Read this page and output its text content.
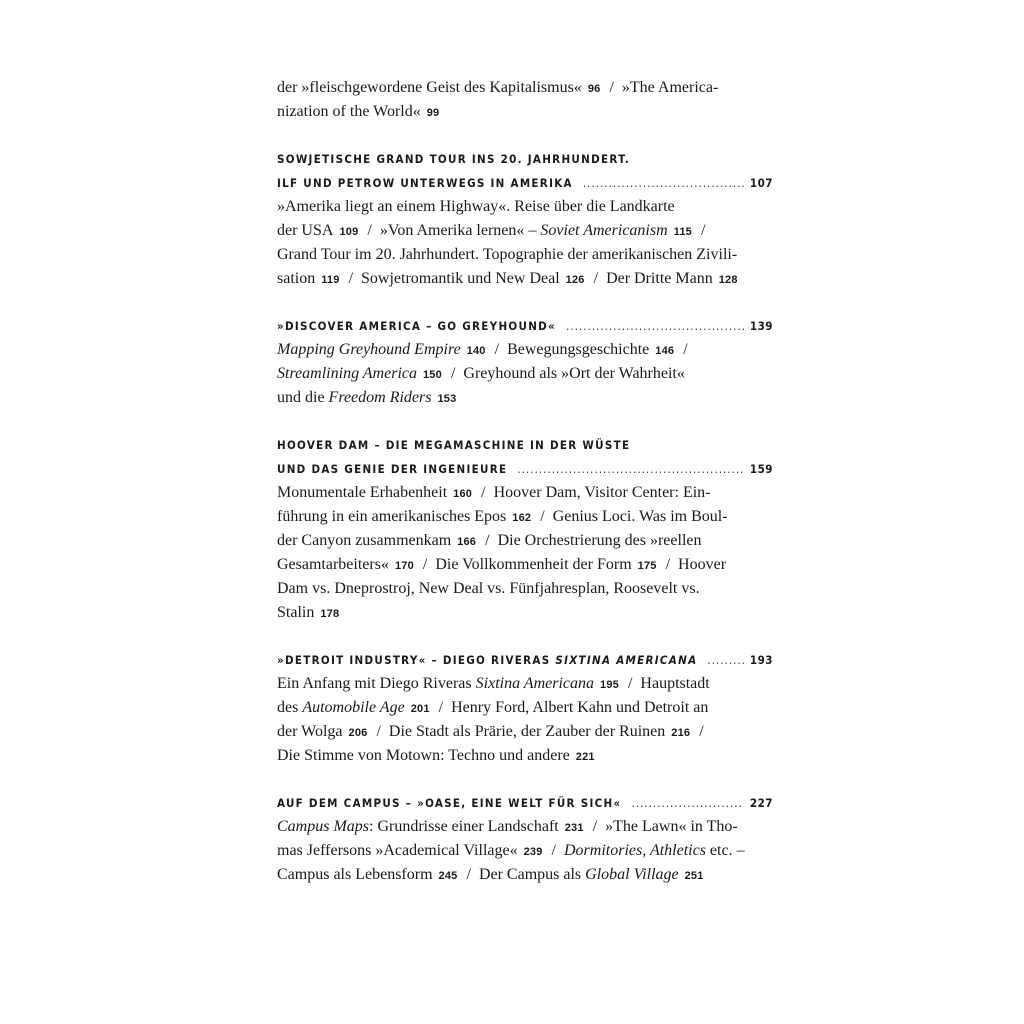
der »fleischgewordene Geist des Kapitalismus« 96 / »The America-
nization of the World« 99
SOWJETISCHE GRAND TOUR INS 20. JAHRHUNDERT.
ILF UND PETROW UNTERWEGS IN AMERIKA .....	107
»Amerika liegt an einem Highway«. Reise über die Landkarte
der USA 109 / »Von Amerika lernen« – Soviet Americanism 115 /
Grand Tour im 20. Jahrhundert. Topographie der amerikanischen Zivili-
sation 119 / Sowjetromantik und New Deal 126 / Der Dritte Mann 128
»DISCOVER AMERICA – GO GREYHOUND« .....	139
Mapping Greyhound Empire 140 / Bewegungsgeschichte 146 /
Streamlining America 150 / Greyhound als »Ort der Wahrheit«
und die Freedom Riders 153
HOOVER DAM – DIE MEGAMASCHINE IN DER WÜSTE
UND DAS GENIE DER INGENIEURE .....	159
Monumentale Erhabenheit 160 / Hoover Dam, Visitor Center: Ein-
führung in ein amerikanisches Epos 162 / Genius Loci. Was im Boul-
der Canyon zusammenkam 166 / Die Orchestrierung des »reellen
Gesamtarbeiters« 170 / Die Vollkommenheit der Form 175 / Hoover
Dam vs. Dneprostroj, New Deal vs. Fünfjahresplan, Roosevelt vs.
Stalin 178
»DETROIT INDUSTRY« – DIEGO RIVERAS SIXTINA AMERICANA .....	193
Ein Anfang mit Diego Riveras Sixtina Americana 195 / Hauptstadt
des Automobile Age 201 / Henry Ford, Albert Kahn und Detroit an
der Wolga 206 / Die Stadt als Prärie, der Zauber der Ruinen 216 /
Die Stimme von Motown: Techno und andere 221
AUF DEM CAMPUS – »OASE, EINE WELT FÜR SICH« .....	227
Campus Maps: Grundrisse einer Landschaft 231 / »The Lawn« in Tho-
mas Jeffersons »Academical Village« 239 / Dormitories, Athletics etc. –
Campus als Lebensform 245 / Der Campus als Global Village 251
